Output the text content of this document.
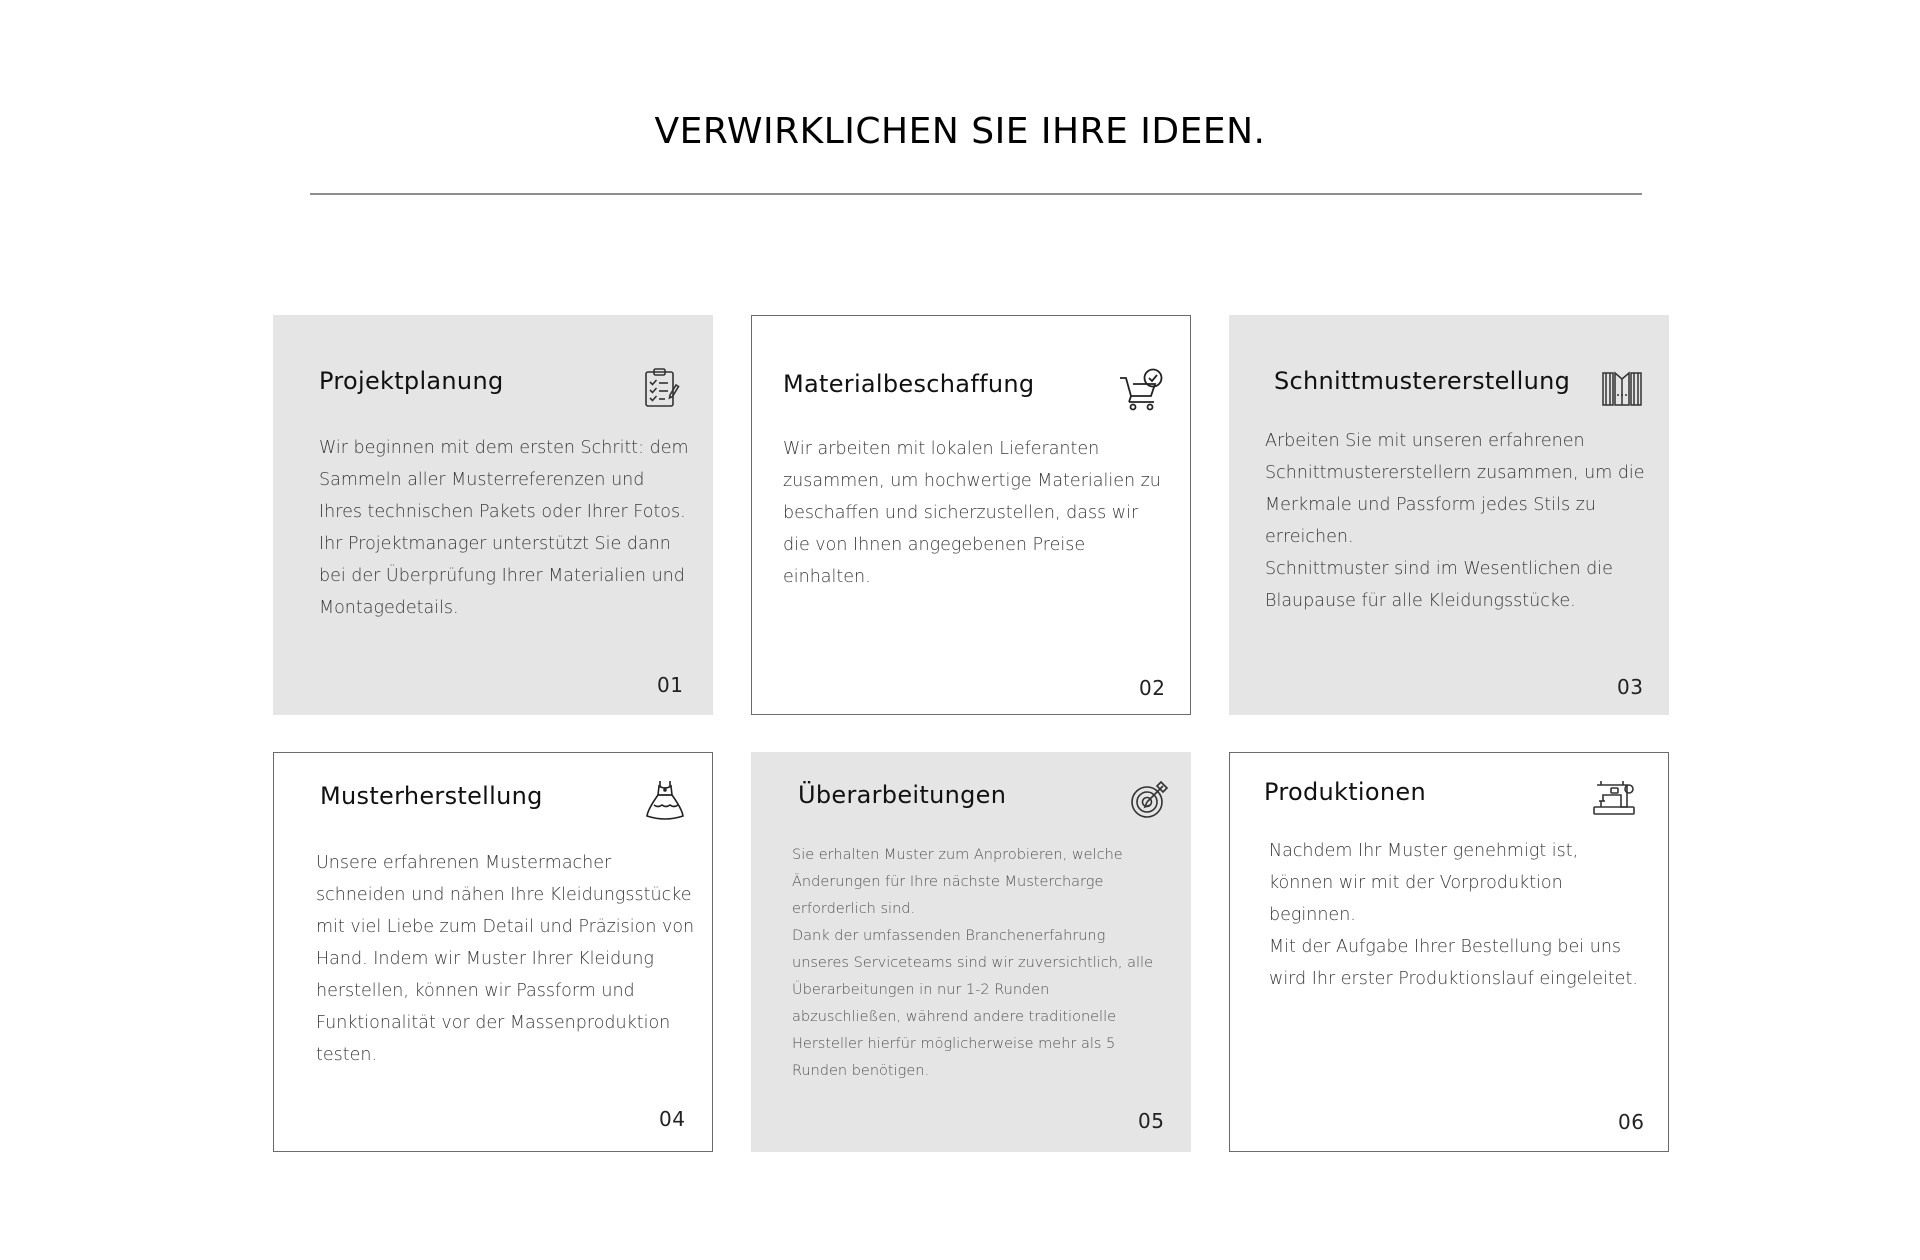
VERWIRKLICHEN SIE IHRE IDEEN.
Projektplanung

Wir beginnen mit dem ersten Schritt: dem Sammeln aller Musterreferenzen und Ihres technischen Pakets oder Ihrer Fotos. Ihr Projektmanager unterstützt Sie dann bei der Überprüfung Ihrer Materialien und Montagedetails.

01
Materialbeschaffung

Wir arbeiten mit lokalen Lieferanten zusammen, um hochwertige Materialien zu beschaffen und sicherzustellen, dass wir die von Ihnen angegebenen Preise einhalten.

02
Schnittmustererstellung

Arbeiten Sie mit unseren erfahrenen Schnittmustererstellern zusammen, um die Merkmale und Passform jedes Stils zu erreichen.

Schnittmuster sind im Wesentlichen die Blaupause für alle Kleidungsstücke.

03
Musterherstellung

Unsere erfahrenen Mustermacher schneiden und nähen Ihre Kleidungsstücke mit viel Liebe zum Detail und Präzision von Hand. Indem wir Muster Ihrer Kleidung herstellen, können wir Passform und Funktionalität vor der Massenproduktion testen.

04
Überarbeitungen

Sie erhalten Muster zum Anprobieren, welche Änderungen für Ihre nächste Mustercharge erforderlich sind.

Dank der umfassenden Branchenerfahrung unseres Serviceteams sind wir zuversichtlich, alle Überarbeitungen in nur 1-2 Runden abzuschließen, während andere traditionelle Hersteller hierfür möglicherweise mehr als 5 Runden benötigen.

05
Produktionen

Nachdem Ihr Muster genehmigt ist, können wir mit der Vorproduktion beginnen.

Mit der Aufgabe Ihrer Bestellung bei uns wird Ihr erster Produktionslauf eingeleitet.

06
